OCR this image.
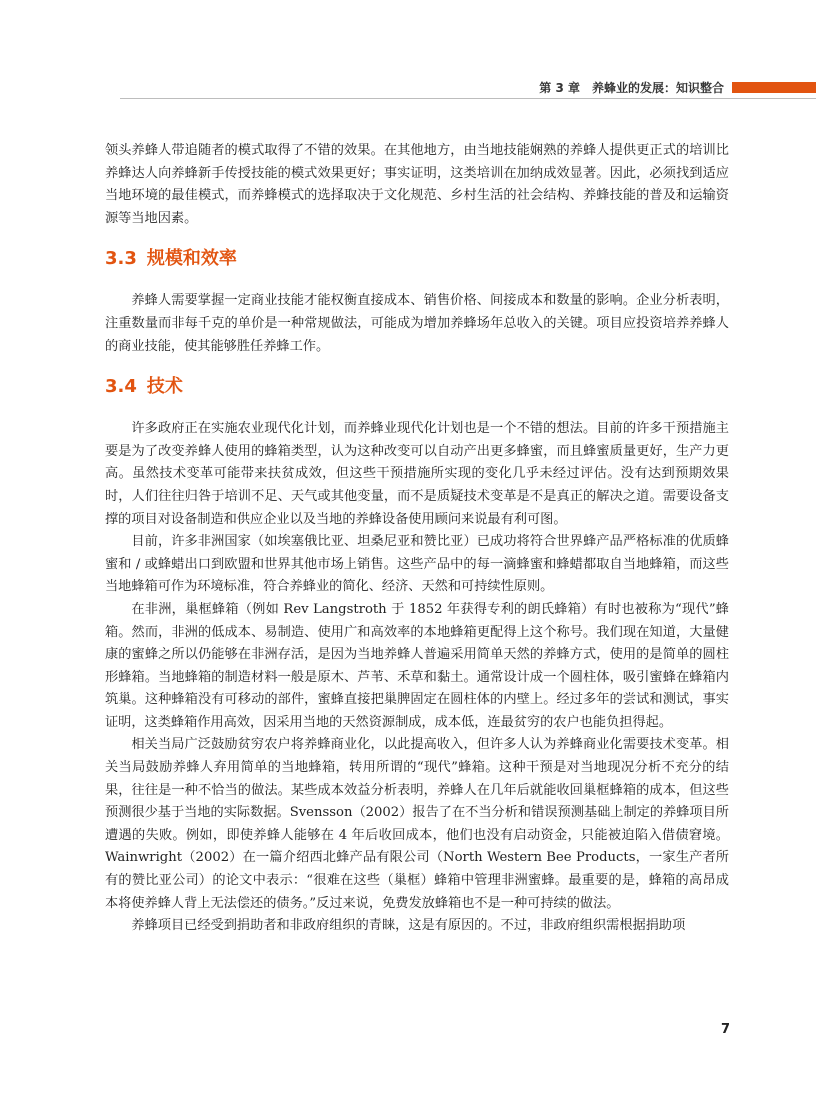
第 3 章　养蜂业的发展：知识整合

领头养蜂人带追随者的模式取得了不错的效果。在其他地方，由当地技能娴熟的养蜂人提供更正式的培训比养蜂达人向养蜂新手传授技能的模式效果更好；事实证明，这类培训在加纳成效显著。因此，必须找到适应当地环境的最佳模式，而养蜂模式的选择取决于文化规范、乡村生活的社会结构、养蜂技能的普及和运输资源等当地因素。

3.3 规模和效率

养蜂人需要掌握一定商业技能才能权衡直接成本、销售价格、间接成本和数量的影响。企业分析表明，注重数量而非每千克的单价是一种常规做法，可能成为增加养蜂场年总收入的关键。项目应投资培养养蜂人的商业技能，使其能够胜任养蜂工作。

3.4 技术

许多政府正在实施农业现代化计划，而养蜂业现代化计划也是一个不错的想法。目前的许多干预措施主要是为了改变养蜂人使用的蜂箱类型，认为这种改变可以自动产出更多蜂蜜，而且蜂蜜质量更好，生产力更高。虽然技术变革可能带来扶贫成效，但这些干预措施所实现的变化几乎未经过评估。没有达到预期效果时，人们往往归咎于培训不足、天气或其他变量，而不是质疑技术变革是不是真正的解决之道。需要设备支撑的项目对设备制造和供应企业以及当地的养蜂设备使用顾问来说最有利可图。

目前，许多非洲国家（如埃塞俄比亚、坦桑尼亚和赞比亚）已成功将符合世界蜂产品严格标准的优质蜂蜜和 / 或蜂蜡出口到欧盟和世界其他市场上销售。这些产品中的每一滴蜂蜜和蜂蜡都取自当地蜂箱，而这些当地蜂箱可作为环境标准，符合养蜂业的简化、经济、天然和可持续性原则。

在非洲，巢框蜂箱（例如 Rev Langstroth 于 1852 年获得专利的朗氏蜂箱）有时也被称为“现代”蜂箱。然而，非洲的低成本、易制造、使用广和高效率的本地蜂箱更配得上这个称号。我们现在知道，大量健康的蜜蜂之所以仍能够在非洲存活，是因为当地养蜂人普遍采用简单天然的养蜂方式，使用的是简单的圆柱形蜂箱。当地蜂箱的制造材料一般是原木、芦苇、禾草和黏土。通常设计成一个圆柱体，吸引蜜蜂在蜂箱内筑巢。这种蜂箱没有可移动的部件，蜜蜂直接把巢脾固定在圆柱体的内壁上。经过多年的尝试和测试，事实证明，这类蜂箱作用高效，因采用当地的天然资源制成，成本低，连最贫穷的农户也能负担得起。

相关当局广泛鼓励贫穷农户将养蜂商业化，以此提高收入，但许多人认为养蜂商业化需要技术变革。相关当局鼓励养蜂人弃用简单的当地蜂箱，转用所谓的“现代”蜂箱。这种干预是对当地现况分析不充分的结果，往往是一种不恰当的做法。某些成本效益分析表明，养蜂人在几年后就能收回巢框蜂箱的成本，但这些预测很少基于当地的实际数据。Svensson（2002）报告了在不当分析和错误预测基础上制定的养蜂项目所遭遇的失败。例如，即使养蜂人能够在 4 年后收回成本，他们也没有启动资金，只能被迫陷入借债窘境。Wainwright（2002）在一篇介绍西北蜂产品有限公司（North Western Bee Products，一家生产者所有的赞比亚公司）的论文中表示：“很难在这些（巢框）蜂箱中管理非洲蜜蜂。最重要的是，蜂箱的高昂成本将使养蜂人背上无法偿还的债务。”反过来说，免费发放蜂箱也不是一种可持续的做法。

养蜂项目已经受到捐助者和非政府组织的青睐，这是有原因的。不过，非政府组织需根据捐助项

7
